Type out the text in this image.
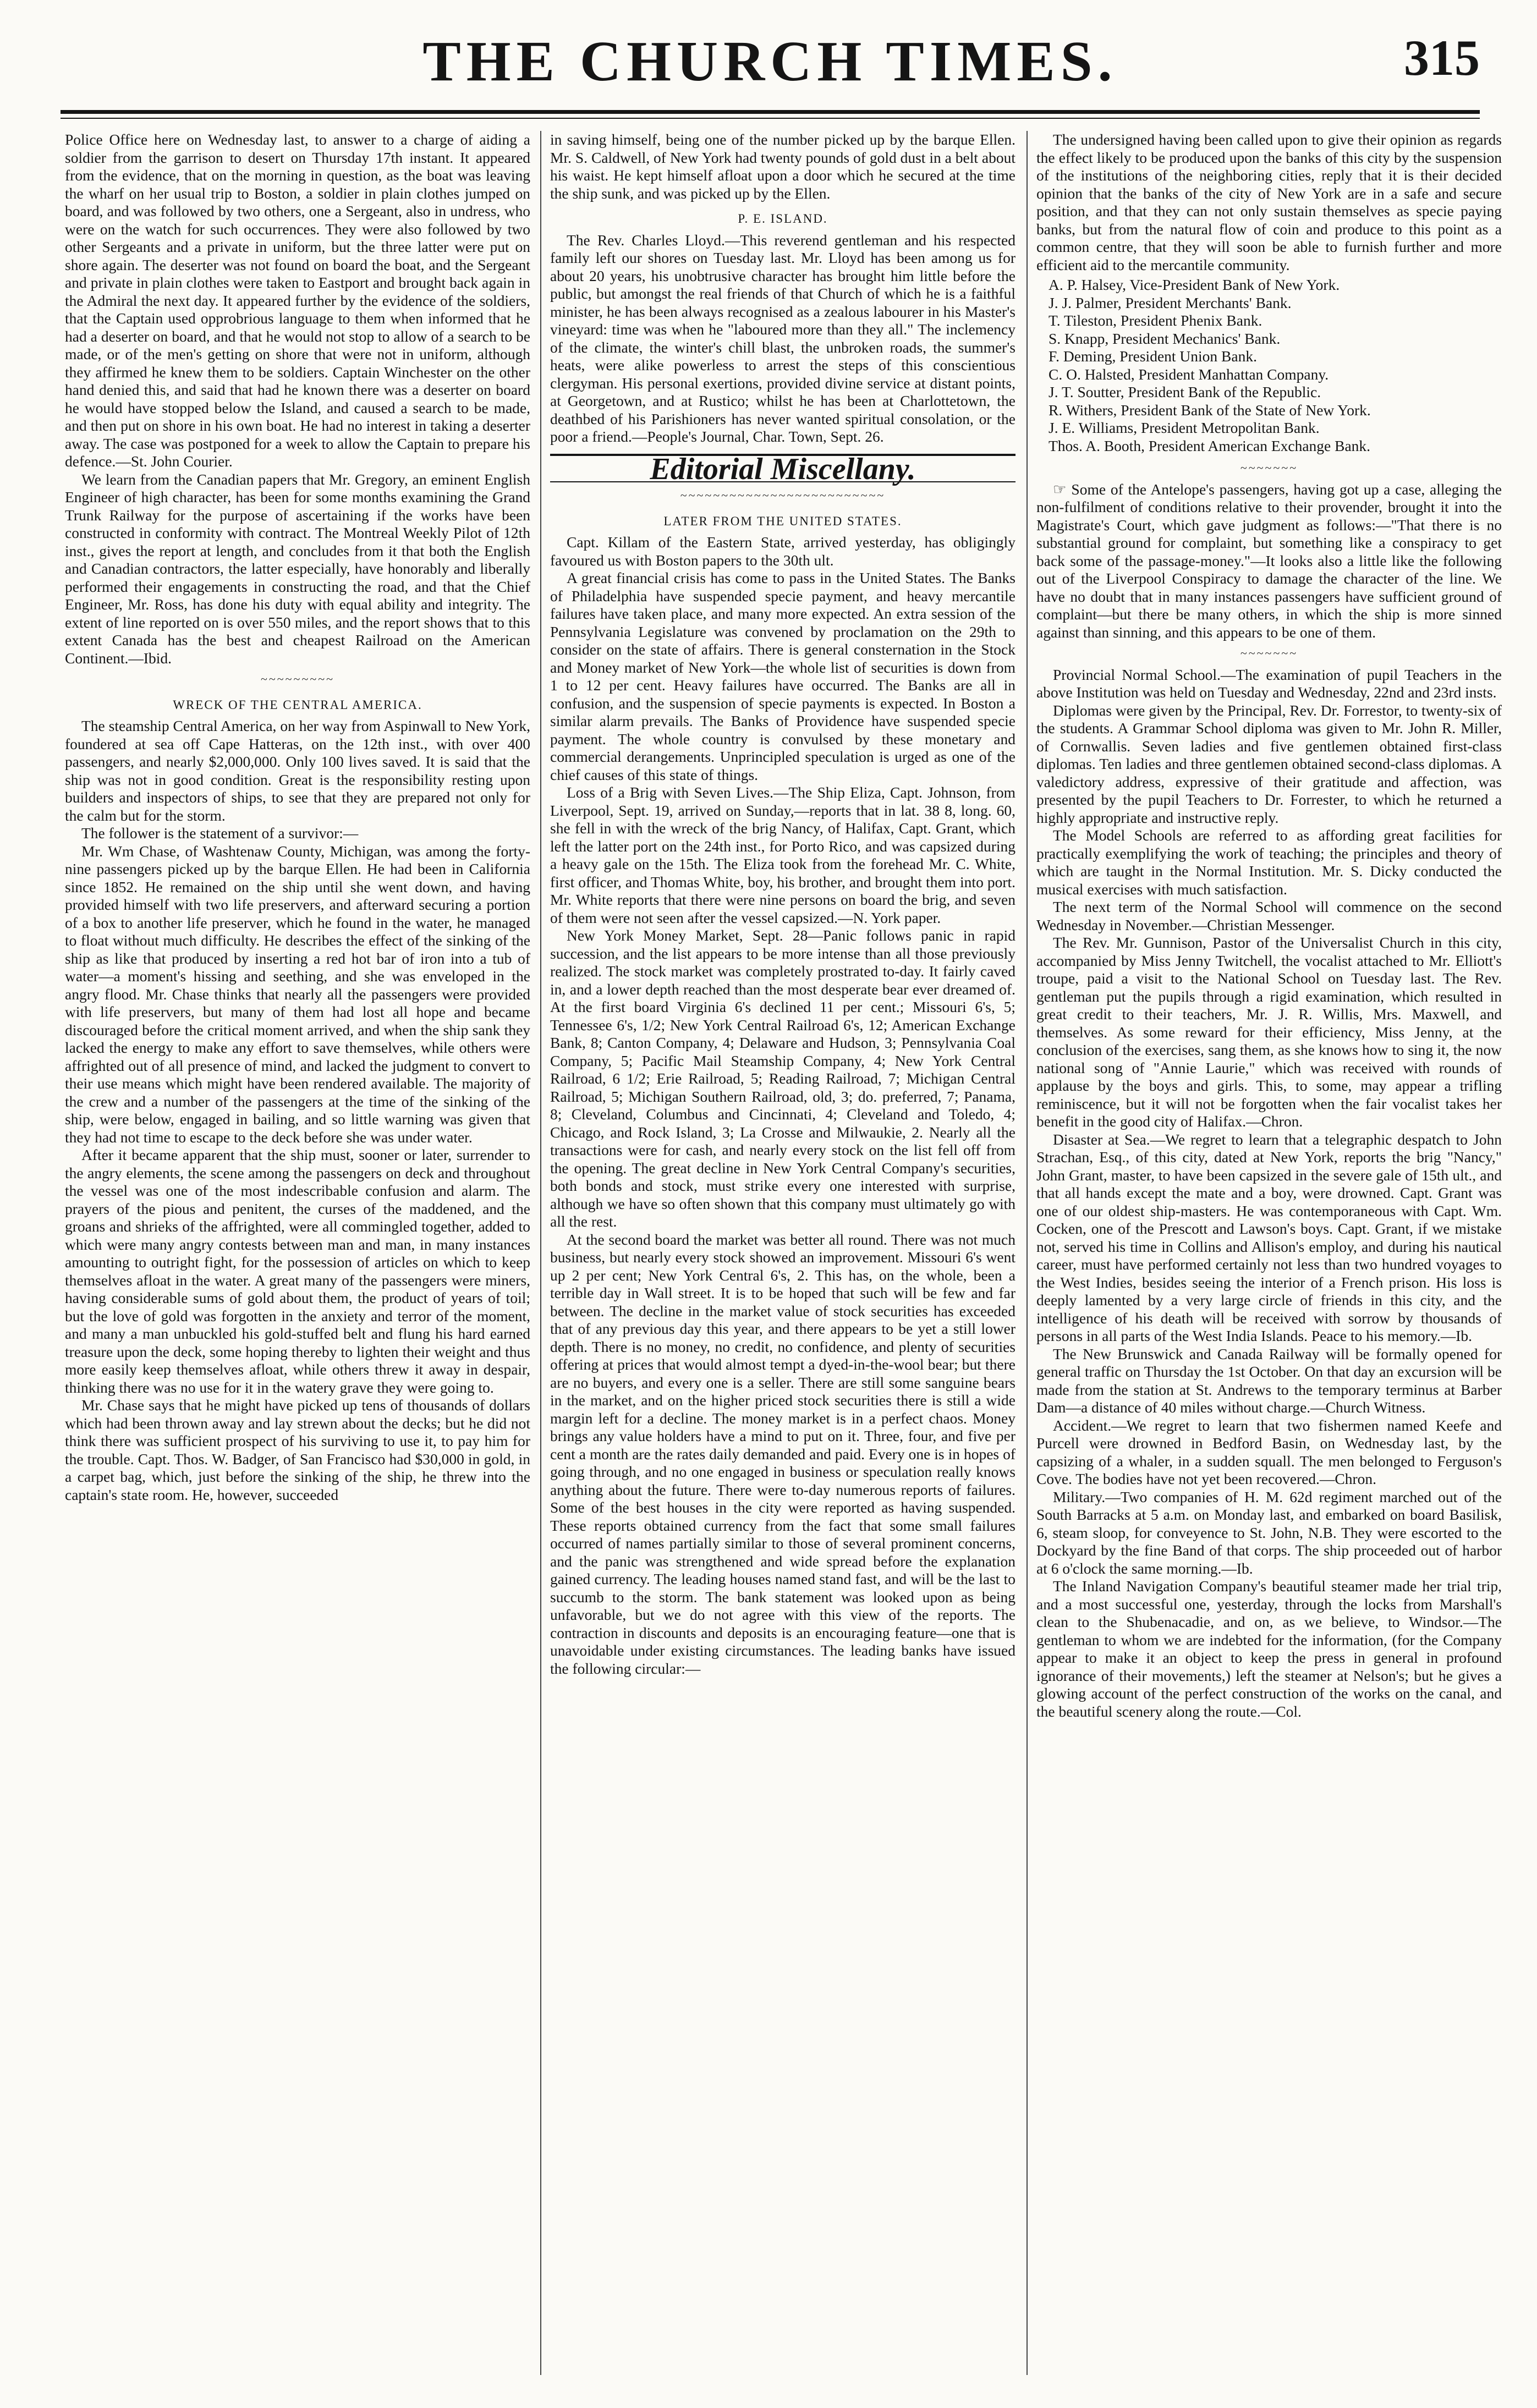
THE CHURCH TIMES.	315

Police Office here on Wednesday last, to answer to a charge of aiding a soldier from the garrison to desert on Thursday 17th instant. It appeared from the evidence, that on the morning in question, as the boat was leaving the wharf on her usual trip to Boston, a soldier in plain clothes jumped on board, and was followed by two others, one a Sergeant, also in undress, who were on the watch for such occurrences. They were also followed by two other Sergeants and a private in uniform, but the three latter were put on shore again. The deserter was not found on board the boat, and the Sergeant and private in plain clothes were taken to Eastport and brought back again in the Admiral the next day. It appeared further by the evidence of the soldiers, that the Captain used opprobrious language to them when informed that he had a deserter on board, and that he would not stop to allow of a search to be made, or of the men's getting on shore that were not in uniform, although they affirmed he knew them to be soldiers. Captain Winchester on the other hand denied this, and said that had he known there was a deserter on board he would have stopped below the Island, and caused a search to be made, and then put on shore in his own boat. He had no interest in taking a deserter away. The case was postponed for a week to allow the Captain to prepare his defence.—St. John Courier.

We learn from the Canadian papers that Mr. Gregory, an eminent English Engineer of high character, has been for some months examining the Grand Trunk Railway for the purpose of ascertaining if the works have been constructed in conformity with contract. The Montreal Weekly Pilot of 12th inst., gives the report at length, and concludes from it that both the English and Canadian contractors, the latter especially, have honorably and liberally performed their engagements in constructing the road, and that the Chief Engineer, Mr. Ross, has done his duty with equal ability and integrity. The extent of line reported on is over 550 miles, and the report shows that to this extent Canada has the best and cheapest Railroad on the American Continent.—Ibid.

~~~~~~~~~
WRECK OF THE CENTRAL AMERICA.

The steamship Central America, on her way from Aspinwall to New York, foundered at sea off Cape Hatteras, on the 12th inst., with over 400 passengers, and nearly $2,000,000. Only 100 lives saved. It is said that the ship was not in good condition. Great is the responsibility resting upon builders and inspectors of ships, to see that they are prepared not only for the calm but for the storm.

The follower is the statement of a survivor:—

Mr. Wm Chase, of Washtenaw County, Michigan, was among the forty-nine passengers picked up by the barque Ellen. He had been in California since 1852. He remained on the ship until she went down, and having provided himself with two life preservers, and afterward securing a portion of a box to another life preserver, which he found in the water, he managed to float without much difficulty. He describes the effect of the sinking of the ship as like that produced by inserting a red hot bar of iron into a tub of water—a moment's hissing and seething, and she was enveloped in the angry flood. Mr. Chase thinks that nearly all the passengers were provided with life preservers, but many of them had lost all hope and became discouraged before the critical moment arrived, and when the ship sank they lacked the energy to make any effort to save themselves, while others were affrighted out of all presence of mind, and lacked the judgment to convert to their use means which might have been rendered available. The majority of the crew and a number of the passengers at the time of the sinking of the ship, were below, engaged in bailing, and so little warning was given that they had not time to escape to the deck before she was under water.

After it became apparent that the ship must, sooner or later, surrender to the angry elements, the scene among the passengers on deck and throughout the vessel was one of the most indescribable confusion and alarm. The prayers of the pious and penitent, the curses of the maddened, and the groans and shrieks of the affrighted, were all commingled together, added to which were many angry contests between man and man, in many instances amounting to outright fight, for the possession of articles on which to keep themselves afloat in the water. A great many of the passengers were miners, having considerable sums of gold about them, the product of years of toil; but the love of gold was forgotten in the anxiety and terror of the moment, and many a man unbuckled his gold-stuffed belt and flung his hard earned treasure upon the deck, some hoping thereby to lighten their weight and thus more easily keep themselves afloat, while others threw it away in despair, thinking there was no use for it in the watery grave they were going to.

Mr. Chase says that he might have picked up tens of thousands of dollars which had been thrown away and lay strewn about the decks; but he did not think there was sufficient prospect of his surviving to use it, to pay him for the trouble. Capt. Thos. W. Badger, of San Francisco had $30,000 in gold, in a carpet bag, which, just before the sinking of the ship, he threw into the captain's state room. He, however, succeeded

in saving himself, being one of the number picked up by the barque Ellen. Mr. S. Caldwell, of New York had twenty pounds of gold dust in a belt about his waist. He kept himself afloat upon a door which he secured at the time the ship sunk, and was picked up by the Ellen.

P. E. ISLAND.

The Rev. Charles Lloyd.—This reverend gentleman and his respected family left our shores on Tuesday last. Mr. Lloyd has been among us for about 20 years, his unobtrusive character has brought him little before the public, but amongst the real friends of that Church of which he is a faithful minister, he has been always recognised as a zealous labourer in his Master's vineyard: time was when he "laboured more than they all." The inclemency of the climate, the winter's chill blast, the unbroken roads, the summer's heats, were alike powerless to arrest the steps of this conscientious clergyman. His personal exertions, provided divine service at distant points, at Georgetown, and at Rustico; whilst he has been at Charlottetown, the deathbed of his Parishioners has never wanted spiritual consolation, or the poor a friend.—People's Journal, Char. Town, Sept. 26.

Editorial Miscellany.
~~~~~~~~~~~~~~~~~~~~~~~~~
LATER FROM THE UNITED STATES.

Capt. Killam of the Eastern State, arrived yesterday, has obligingly favoured us with Boston papers to the 30th ult.

A great financial crisis has come to pass in the United States. The Banks of Philadelphia have suspended specie payment, and heavy mercantile failures have taken place, and many more expected. An extra session of the Pennsylvania Legislature was convened by proclamation on the 29th to consider on the state of affairs. There is general consternation in the Stock and Money market of New York—the whole list of securities is down from 1 to 12 per cent. Heavy failures have occurred. The Banks are all in confusion, and the suspension of specie payments is expected. In Boston a similar alarm prevails. The Banks of Providence have suspended specie payment. The whole country is convulsed by these monetary and commercial derangements. Unprincipled speculation is urged as one of the chief causes of this state of things.

Loss of a Brig with Seven Lives.—The Ship Eliza, Capt. Johnson, from Liverpool, Sept. 19, arrived on Sunday,—reports that in lat. 38 8, long. 60, she fell in with the wreck of the brig Nancy, of Halifax, Capt. Grant, which left the latter port on the 24th inst., for Porto Rico, and was capsized during a heavy gale on the 15th. The Eliza took from the forehead Mr. C. White, first officer, and Thomas White, boy, his brother, and brought them into port. Mr. White reports that there were nine persons on board the brig, and seven of them were not seen after the vessel capsized.—N. York paper.

New York Money Market, Sept. 28—Panic follows panic in rapid succession, and the list appears to be more intense than all those previously realized. The stock market was completely prostrated to-day. It fairly caved in, and a lower depth reached than the most desperate bear ever dreamed of. At the first board Virginia 6's declined 11 per cent.; Missouri 6's, 5; Tennessee 6's, 1/2; New York Central Railroad 6's, 12; American Exchange Bank, 8; Canton Company, 4; Delaware and Hudson, 3; Pennsylvania Coal Company, 5; Pacific Mail Steamship Company, 4; New York Central Railroad, 6 1/2; Erie Railroad, 5; Reading Railroad, 7; Michigan Central Railroad, 5; Michigan Southern Railroad, old, 3; do. preferred, 7; Panama, 8; Cleveland, Columbus and Cincinnati, 4; Cleveland and Toledo, 4; Chicago, and Rock Island, 3; La Crosse and Milwaukie, 2. Nearly all the transactions were for cash, and nearly every stock on the list fell off from the opening. The great decline in New York Central Company's securities, both bonds and stock, must strike every one interested with surprise, although we have so often shown that this company must ultimately go with all the rest.

At the second board the market was better all round. There was not much business, but nearly every stock showed an improvement. Missouri 6's went up 2 per cent; New York Central 6's, 2. This has, on the whole, been a terrible day in Wall street. It is to be hoped that such will be few and far between. The decline in the market value of stock securities has exceeded that of any previous day this year, and there appears to be yet a still lower depth. There is no money, no credit, no confidence, and plenty of securities offering at prices that would almost tempt a dyed-in-the-wool bear; but there are no buyers, and every one is a seller. There are still some sanguine bears in the market, and on the higher priced stock securities there is still a wide margin left for a decline. The money market is in a perfect chaos. Money brings any value holders have a mind to put on it. Three, four, and five per cent a month are the rates daily demanded and paid. Every one is in hopes of going through, and no one engaged in business or speculation really knows anything about the future. There were to-day numerous reports of failures. Some of the best houses in the city were reported as having suspended. These reports obtained currency from the fact that some small failures occurred of names partially similar to those of several prominent concerns, and the panic was strengthened and wide spread before the explanation gained currency. The leading houses named stand fast, and will be the last to succumb to the storm. The bank statement was looked upon as being unfavorable, but we do not agree with this view of the reports. The contraction in discounts and deposits is an encouraging feature—one that is unavoidable under existing circumstances. The leading banks have issued the following circular:—

The undersigned having been called upon to give their opinion as regards the effect likely to be produced upon the banks of this city by the suspension of the institutions of the neighboring cities, reply that it is their decided opinion that the banks of the city of New York are in a safe and secure position, and that they can not only sustain themselves as specie paying banks, but from the natural flow of coin and produce to this point as a common centre, that they will soon be able to furnish further and more efficient aid to the mercantile community.

A. P. Halsey, Vice-President Bank of New York.
J. J. Palmer, President Merchants' Bank.
T. Tileston, President Phenix Bank.
S. Knapp, President Mechanics' Bank.
F. Deming, President Union Bank.
C. O. Halsted, President Manhattan Company.
J. T. Soutter, President Bank of the Republic.
R. Withers, President Bank of the State of New York.
J. E. Williams, President Metropolitan Bank.
Thos. A. Booth, President American Exchange Bank.
~~~~~~~

☞ Some of the Antelope's passengers, having got up a case, alleging the non-fulfilment of conditions relative to their provender, brought it into the Magistrate's Court, which gave judgment as follows:—"That there is no substantial ground for complaint, but something like a conspiracy to get back some of the passage-money."—It looks also a little like the following out of the Liverpool Conspiracy to damage the character of the line. We have no doubt that in many instances passengers have sufficient ground of complaint—but there be many others, in which the ship is more sinned against than sinning, and this appears to be one of them.

~~~~~~~

Provincial Normal School.—The examination of pupil Teachers in the above Institution was held on Tuesday and Wednesday, 22nd and 23rd insts.

Diplomas were given by the Principal, Rev. Dr. Forrestor, to twenty-six of the students. A Grammar School diploma was given to Mr. John R. Miller, of Cornwallis. Seven ladies and five gentlemen obtained first-class diplomas. Ten ladies and three gentlemen obtained second-class diplomas. A valedictory address, expressive of their gratitude and affection, was presented by the pupil Teachers to Dr. Forrester, to which he returned a highly appropriate and instructive reply.

The Model Schools are referred to as affording great facilities for practically exemplifying the work of teaching; the principles and theory of which are taught in the Normal Institution. Mr. S. Dicky conducted the musical exercises with much satisfaction.

The next term of the Normal School will commence on the second Wednesday in November.—Christian Messenger.

The Rev. Mr. Gunnison, Pastor of the Universalist Church in this city, accompanied by Miss Jenny Twitchell, the vocalist attached to Mr. Elliott's troupe, paid a visit to the National School on Tuesday last. The Rev. gentleman put the pupils through a rigid examination, which resulted in great credit to their teachers, Mr. J. R. Willis, Mrs. Maxwell, and themselves. As some reward for their efficiency, Miss Jenny, at the conclusion of the exercises, sang them, as she knows how to sing it, the now national song of "Annie Laurie," which was received with rounds of applause by the boys and girls. This, to some, may appear a trifling reminiscence, but it will not be forgotten when the fair vocalist takes her benefit in the good city of Halifax.—Chron.

Disaster at Sea.—We regret to learn that a telegraphic despatch to John Strachan, Esq., of this city, dated at New York, reports the brig "Nancy," John Grant, master, to have been capsized in the severe gale of 15th ult., and that all hands except the mate and a boy, were drowned. Capt. Grant was one of our oldest ship-masters. He was contemporaneous with Capt. Wm. Cocken, one of the Prescott and Lawson's boys. Capt. Grant, if we mistake not, served his time in Collins and Allison's employ, and during his nautical career, must have performed certainly not less than two hundred voyages to the West Indies, besides seeing the interior of a French prison. His loss is deeply lamented by a very large circle of friends in this city, and the intelligence of his death will be received with sorrow by thousands of persons in all parts of the West India Islands. Peace to his memory.—Ib.

The New Brunswick and Canada Railway will be formally opened for general traffic on Thursday the 1st October. On that day an excursion will be made from the station at St. Andrews to the temporary terminus at Barber Dam—a distance of 40 miles without charge.—Church Witness.

Accident.—We regret to learn that two fishermen named Keefe and Purcell were drowned in Bedford Basin, on Wednesday last, by the capsizing of a whaler, in a sudden squall. The men belonged to Ferguson's Cove. The bodies have not yet been recovered.—Chron.

Military.—Two companies of H. M. 62d regiment marched out of the South Barracks at 5 a.m. on Monday last, and embarked on board Basilisk, 6, steam sloop, for conveyence to St. John, N.B. They were escorted to the Dockyard by the fine Band of that corps. The ship proceeded out of harbor at 6 o'clock the same morning.—Ib.

The Inland Navigation Company's beautiful steamer made her trial trip, and a most successful one, yesterday, through the locks from Marshall's clean to the Shubenacadie, and on, as we believe, to Windsor.—The gentleman to whom we are indebted for the information, (for the Company appear to make it an object to keep the press in general in profound ignorance of their movements,) left the steamer at Nelson's; but he gives a glowing account of the perfect construction of the works on the canal, and the beautiful scenery along the route.—Col.
